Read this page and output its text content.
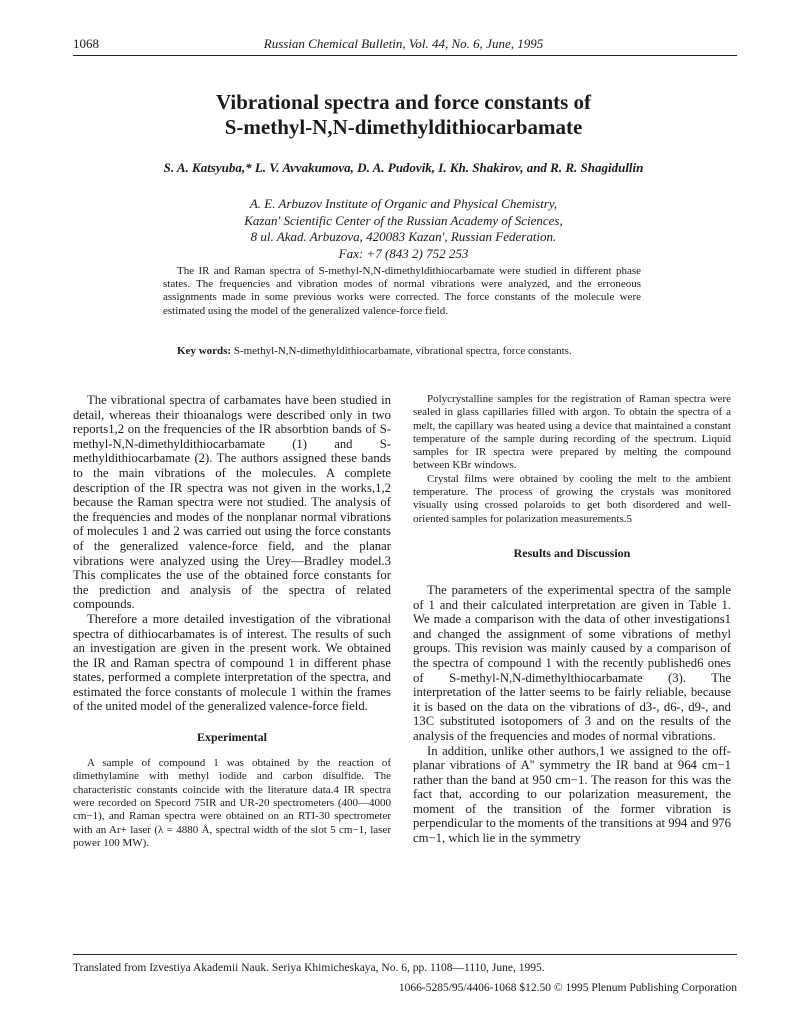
1068	Russian Chemical Bulletin, Vol. 44, No. 6, June, 1995
Vibrational spectra and force constants of
S-methyl-N,N-dimethyldithiocarbamate
S. A. Katsyuba,* L. V. Avvakumova, D. A. Pudovik, I. Kh. Shakirov, and R. R. Shagidullin
A. E. Arbuzov Institute of Organic and Physical Chemistry,
Kazan' Scientific Center of the Russian Academy of Sciences,
8 ul. Akad. Arbuzova, 420083 Kazan', Russian Federation.
Fax: +7 (843 2) 752 253

The IR and Raman spectra of S-methyl-N,N-dimethyldithiocarbamate were studied in different phase states. The frequencies and vibration modes of normal vibrations were analyzed, and the erroneous assignments made in some previous works were corrected. The force constants of the molecule were estimated using the model of the generalized valence-force field.

Key words: S-methyl-N,N-dimethyldithiocarbamate, vibrational spectra, force constants.

The vibrational spectra of carbamates have been studied in detail, whereas their thioanalogs were described only in two reports1,2 on the frequencies of the IR absorbtion bands of S-methyl-N,N-dimethyldithiocarbamate (1) and S-methyldithiocarbamate (2). The authors assigned these bands to the main vibrations of the molecules. A complete description of the IR spectra was not given in the works,1,2 because the Raman spectra were not studied. The analysis of the frequencies and modes of the nonplanar normal vibrations of molecules 1 and 2 was carried out using the force constants of the generalized valence-force field, and the planar vibrations were analyzed using the Urey—Bradley model.3 This complicates the use of the obtained force constants for the prediction and analysis of the spectra of related compounds.

Therefore a more detailed investigation of the vibrational spectra of dithiocarbamates is of interest. The results of such an investigation are given in the present work. We obtained the IR and Raman spectra of compound 1 in different phase states, performed a complete interpretation of the spectra, and estimated the force constants of molecule 1 within the frames of the united model of the generalized valence-force field.

Experimental

A sample of compound 1 was obtained by the reaction of dimethylamine with methyl iodide and carbon disulfide. The characteristic constants coincide with the literature data.4 IR spectra were recorded on Specord 75IR and UR-20 spectrometers (400—4000 cm−1), and Raman spectra were obtained on an RTI-30 spectrometer with an Ar+ laser (λ = 4880 Å, spectral width of the slot 5 cm−1, laser power 100 MW).

Polycrystalline samples for the registration of Raman spectra were sealed in glass capillaries filled with argon. To obtain the spectra of a melt, the capillary was heated using a device that maintained a constant temperature of the sample during recording of the spectrum. Liquid samples for IR spectra were prepared by melting the compound between KBr windows.

Crystal films were obtained by cooling the melt to the ambient temperature. The process of growing the crystals was monitored visually using crossed polaroids to get both disordered and well-oriented samples for polarization measurements.5

Results and Discussion

The parameters of the experimental spectra of the sample of 1 and their calculated interpretation are given in Table 1. We made a comparison with the data of other investigations1 and changed the assignment of some vibrations of methyl groups. This revision was mainly caused by a comparison of the spectra of compound 1 with the recently published6 ones of S-methyl-N,N-dimethylthiocarbamate (3). The interpretation of the latter seems to be fairly reliable, because it is based on the data on the vibrations of d3-, d6-, d9-, and 13C substituted isotopomers of 3 and on the results of the analysis of the frequencies and modes of normal vibrations.

In addition, unlike other authors,1 we assigned to the off-planar vibrations of A'' symmetry the IR band at 964 cm−1 rather than the band at 950 cm−1. The reason for this was the fact that, according to our polarization measurement, the moment of the transition of the former vibration is perpendicular to the moments of the transitions at 994 and 976 cm−1, which lie in the symmetry

Translated from Izvestiya Akademii Nauk. Seriya Khimicheskaya, No. 6, pp. 1108—1110, June, 1995.
1066-5285/95/4406-1068 $12.50 © 1995 Plenum Publishing Corporation
